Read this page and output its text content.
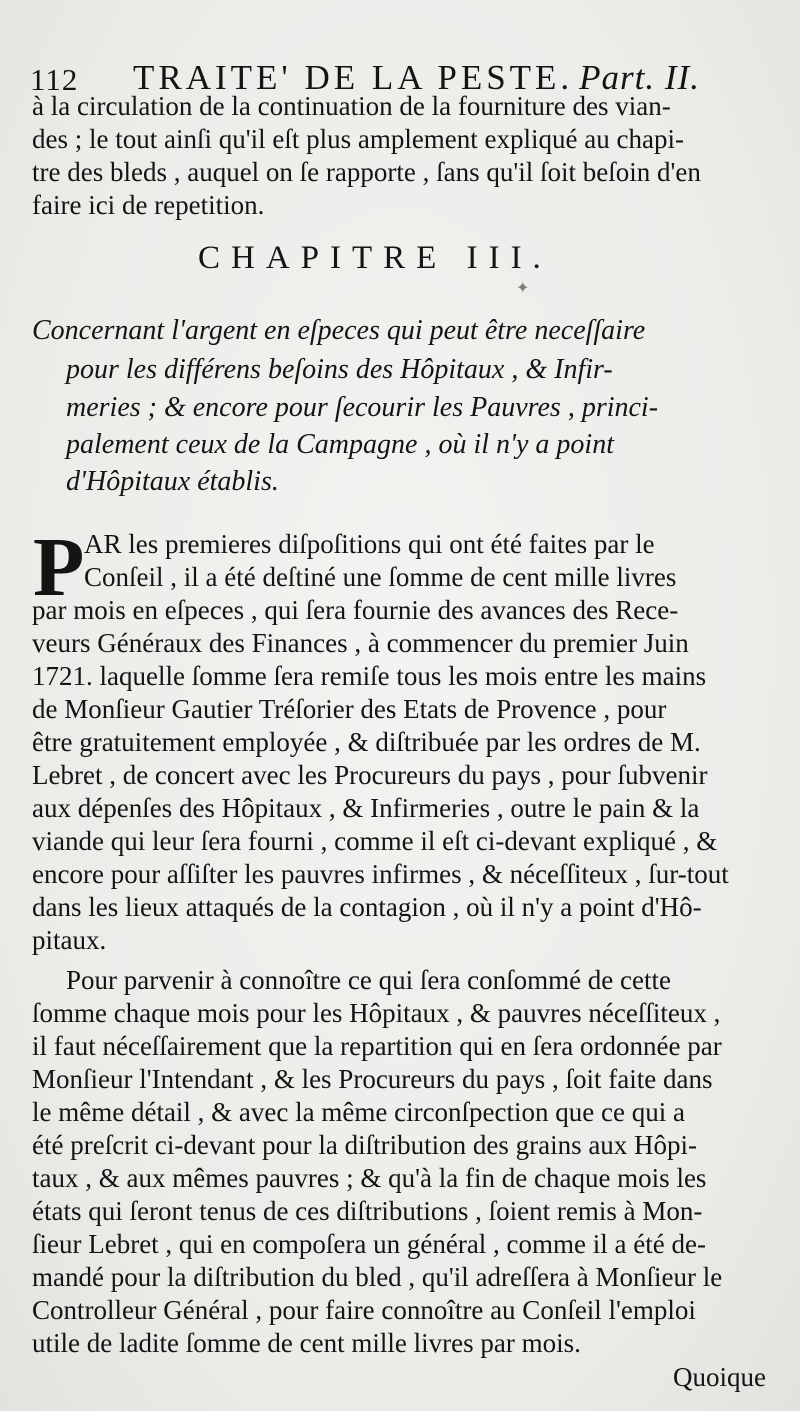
112 TRAITE' DE LA PESTE. Part. II.
à la circulation de la continuation de la fourniture des vian-
des ; le tout ainſi qu'il eſt plus amplement expliqué au chapi-
tre des bleds , auquel on ſe rapporte , ſans qu'il ſoit beſoin d'en
faire ici de repetition.
CHAPITRE III.
✦
Concernant l'argent en eſpeces qui peut être neceſſaire
pour les différens beſoins des Hôpitaux , & Infir-
meries ; & encore pour ſecourir les Pauvres , princi-
palement ceux de la Campagne , où il n'y a point
d'Hôpitaux établis.
P AR les premieres diſpoſitions qui ont été faites par le
Conſeil , il a été deſtiné une ſomme de cent mille livres
par mois en eſpeces , qui ſera fournie des avances des Rece-
veurs Généraux des Finances , à commencer du premier Juin
1721. laquelle ſomme ſera remiſe tous les mois entre les mains
de Monſieur Gautier Tréſorier des Etats de Provence , pour
être gratuitement employée , & diſtribuée par les ordres de M.
Lebret , de concert avec les Procureurs du pays , pour ſubvenir
aux dépenſes des Hôpitaux , & Infirmeries , outre le pain & la
viande qui leur ſera fourni , comme il eſt ci-devant expliqué , &
encore pour aſſiſter les pauvres infirmes , & néceſſiteux , ſur-tout
dans les lieux attaqués de la contagion , où il n'y a point d'Hô-
pitaux.
Pour parvenir à connoître ce qui ſera conſommé de cette
ſomme chaque mois pour les Hôpitaux , & pauvres néceſſiteux ,
il faut néceſſairement que la repartition qui en ſera ordonnée par
Monſieur l'Intendant , & les Procureurs du pays , ſoit faite dans
le même détail , & avec la même circonſpection que ce qui a
été preſcrit ci-devant pour la diſtribution des grains aux Hôpi-
taux , & aux mêmes pauvres ; & qu'à la fin de chaque mois les
états qui ſeront tenus de ces diſtributions , ſoient remis à Mon-
ſieur Lebret , qui en compoſera un général , comme il a été de-
mandé pour la diſtribution du bled , qu'il adreſſera à Monſieur le
Controlleur Général , pour faire connoître au Conſeil l'emploi
utile de ladite ſomme de cent mille livres par mois.
Quoique
